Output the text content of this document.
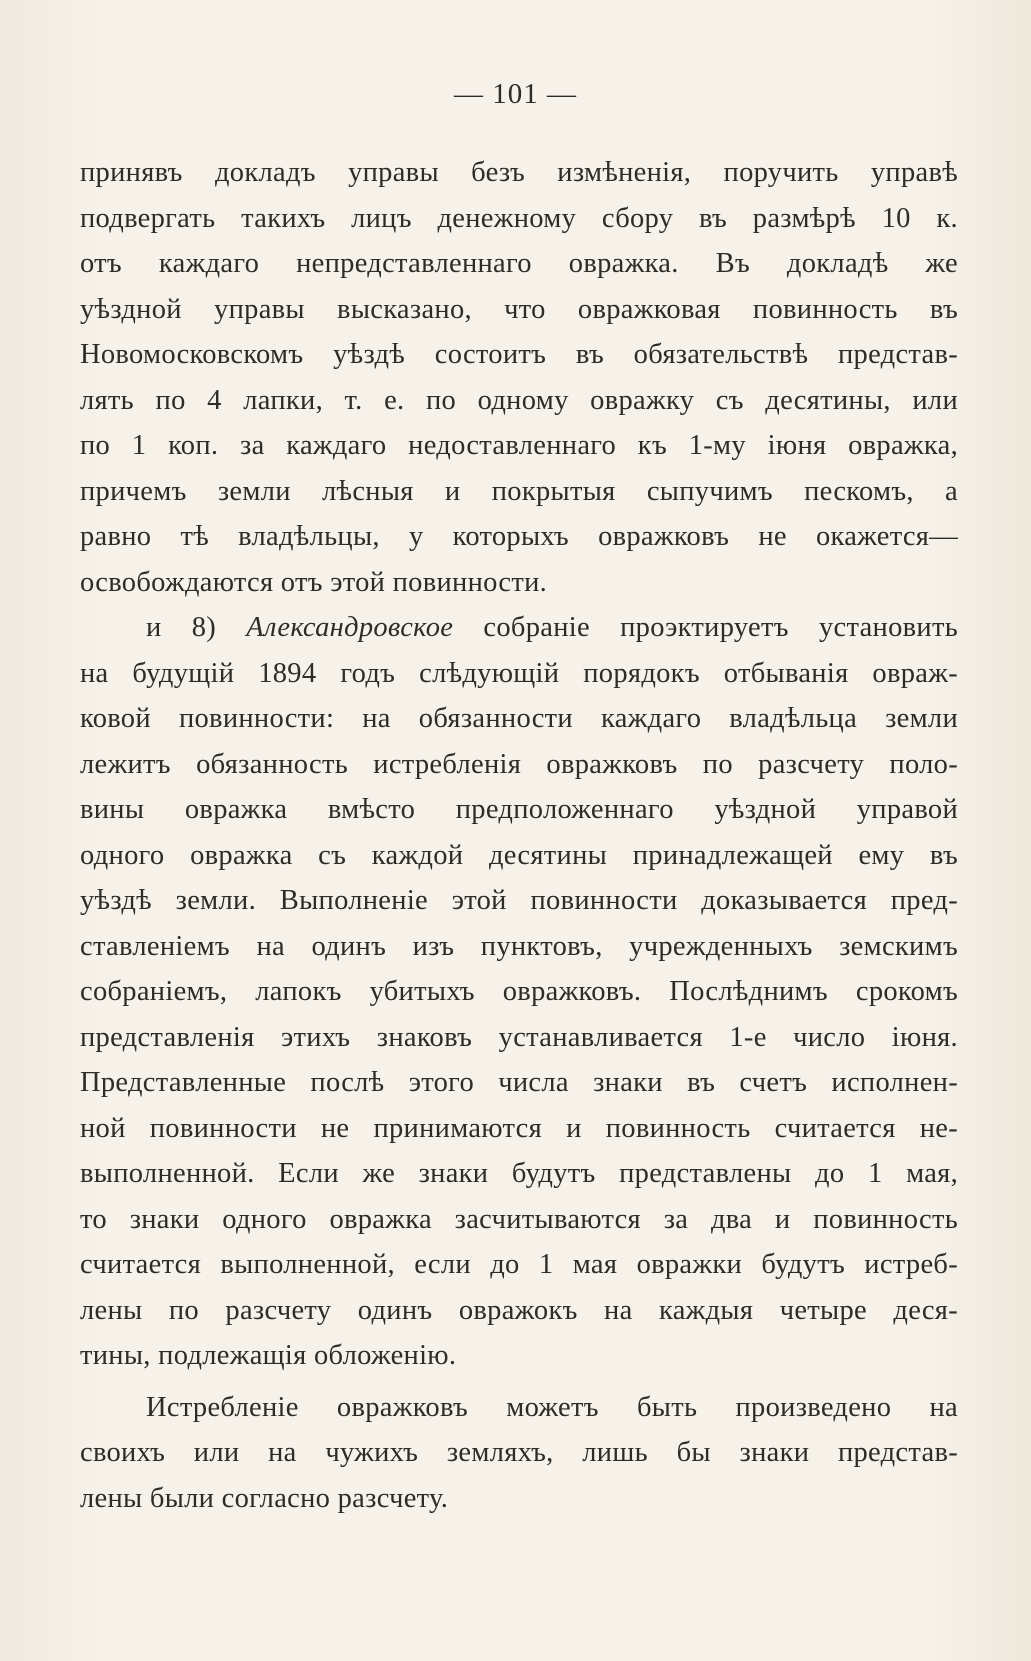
— 101 —
принявъ докладъ управы безъ измѣненія, поручить управѣ
подвергать такихъ лицъ денежному сбору въ размѣрѣ 10 к.
отъ каждаго непредставленнаго овражка. Въ докладѣ же
уѣздной управы высказано, что овражковая повинность въ
Новомосковскомъ уѣздѣ состоитъ въ обязательствѣ представ-
лять по 4 лапки, т. е. по одному овражку съ десятины, или
по 1 коп. за каждаго недоставленнаго къ 1-му іюня овражка,
причемъ земли лѣсныя и покрытыя сыпучимъ пескомъ, а
равно тѣ владѣльцы, у которыхъ овражковъ не окажется—
освобождаются отъ этой повинности.
и 8) Александровское собраніе проэктируетъ установить
на будущій 1894 годъ слѣдующій порядокъ отбыванія овраж-
ковой повинности: на обязанности каждаго владѣльца земли
лежитъ обязанность истребленія овражковъ по разсчету поло-
вины овражка вмѣсто предположеннаго уѣздной управой
одного овражка съ каждой десятины принадлежащей ему въ
уѣздѣ земли. Выполненіе этой повинности доказывается пред-
ставленіемъ на одинъ изъ пунктовъ, учрежденныхъ земскимъ
собраніемъ, лапокъ убитыхъ овражковъ. Послѣднимъ срокомъ
представленія этихъ знаковъ устанавливается 1-е число іюня.
Представленные послѣ этого числа знаки въ счетъ исполнен-
ной повинности не принимаются и повинность считается не-
выполненной. Если же знаки будутъ представлены до 1 мая,
то знаки одного овражка засчитываются за два и повинность
считается выполненной, если до 1 мая овражки будутъ истреб-
лены по разсчету одинъ овражокъ на каждыя четыре деся-
тины, подлежащія обложенію.
Истребленіе овражковъ можетъ быть произведено на
своихъ или на чужихъ земляхъ, лишь бы знаки представ-
лены были согласно разсчету.
